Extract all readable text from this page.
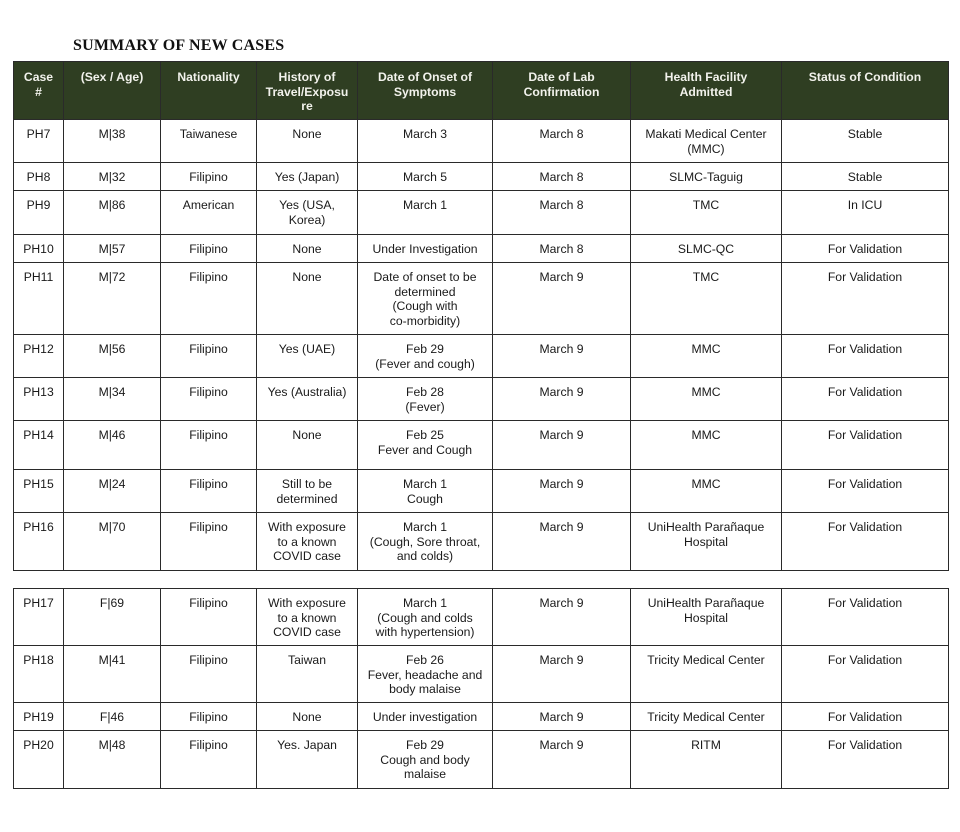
SUMMARY OF NEW CASES
Case
#	(Sex / Age)	Nationality	History of
Travel/Exposu
re	Date of Onset of
Symptoms	Date of Lab
Confirmation	Health Facility
Admitted	Status of Condition
PH7	M|38	Taiwanese	None	March 3	March 8	Makati Medical Center
(MMC)	Stable
PH8	M|32	Filipino	Yes (Japan)	March 5	March 8	SLMC-Taguig	Stable
PH9	M|86	American	Yes (USA,
Korea)	March 1	March 8	TMC	In ICU
PH10	M|57	Filipino	None	Under Investigation	March 8	SLMC-QC	For Validation
PH11	M|72	Filipino	None	Date of onset to be
determined
(Cough with
co-morbidity)	March 9	TMC	For Validation
PH12	M|56	Filipino	Yes (UAE)	Feb 29
(Fever and cough)	March 9	MMC	For Validation
PH13	M|34	Filipino	Yes (Australia)	Feb 28
(Fever)	March 9	MMC	For Validation
PH14	M|46	Filipino	None	Feb 25
Fever and Cough	March 9	MMC	For Validation
PH15	M|24	Filipino	Still to be
determined	March 1
Cough	March 9	MMC	For Validation
PH16	M|70	Filipino	With exposure
to a known
COVID case	March 1
(Cough, Sore throat,
and colds)	March 9	UniHealth Parañaque
Hospital	For Validation
PH17	F|69	Filipino	With exposure
to a known
COVID case	March 1
(Cough and colds
with hypertension)	March 9	UniHealth Parañaque
Hospital	For Validation
PH18	M|41	Filipino	Taiwan	Feb 26
Fever, headache and
body malaise	March 9	Tricity Medical Center	For Validation
PH19	F|46	Filipino	None	Under investigation	March 9	Tricity Medical Center	For Validation
PH20	M|48	Filipino	Yes. Japan	Feb 29
Cough and body
malaise	March 9	RITM	For Validation
